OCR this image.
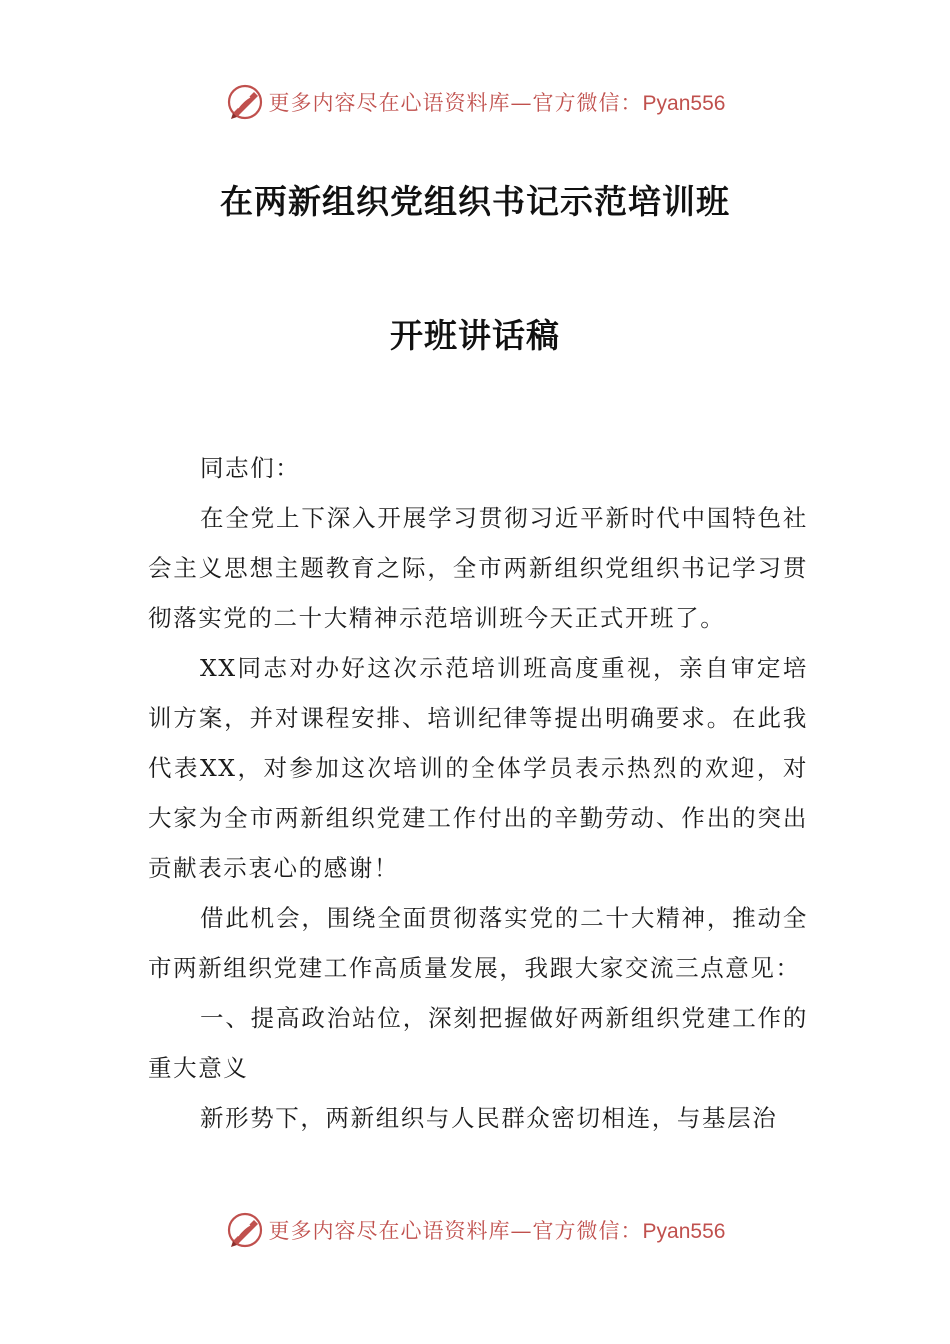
更多内容尽在心语资料库—官方微信：Pyan556
在两新组织党组织书记示范培训班
开班讲话稿

同志们：

在全党上下深入开展学习贯彻习近平新时代中国特色社会主义思想主题教育之际，全市两新组织党组织书记学习贯彻落实党的二十大精神示范培训班今天正式开班了。

XX同志对办好这次示范培训班高度重视，亲自审定培训方案，并对课程安排、培训纪律等提出明确要求。在此我代表XX，对参加这次培训的全体学员表示热烈的欢迎，对大家为全市两新组织党建工作付出的辛勤劳动、作出的突出贡献表示衷心的感谢！

借此机会，围绕全面贯彻落实党的二十大精神，推动全市两新组织党建工作高质量发展，我跟大家交流三点意见：

一、提高政治站位，深刻把握做好两新组织党建工作的重大意义

新形势下，两新组织与人民群众密切相连，与基层治

更多内容尽在心语资料库—官方微信：Pyan556
